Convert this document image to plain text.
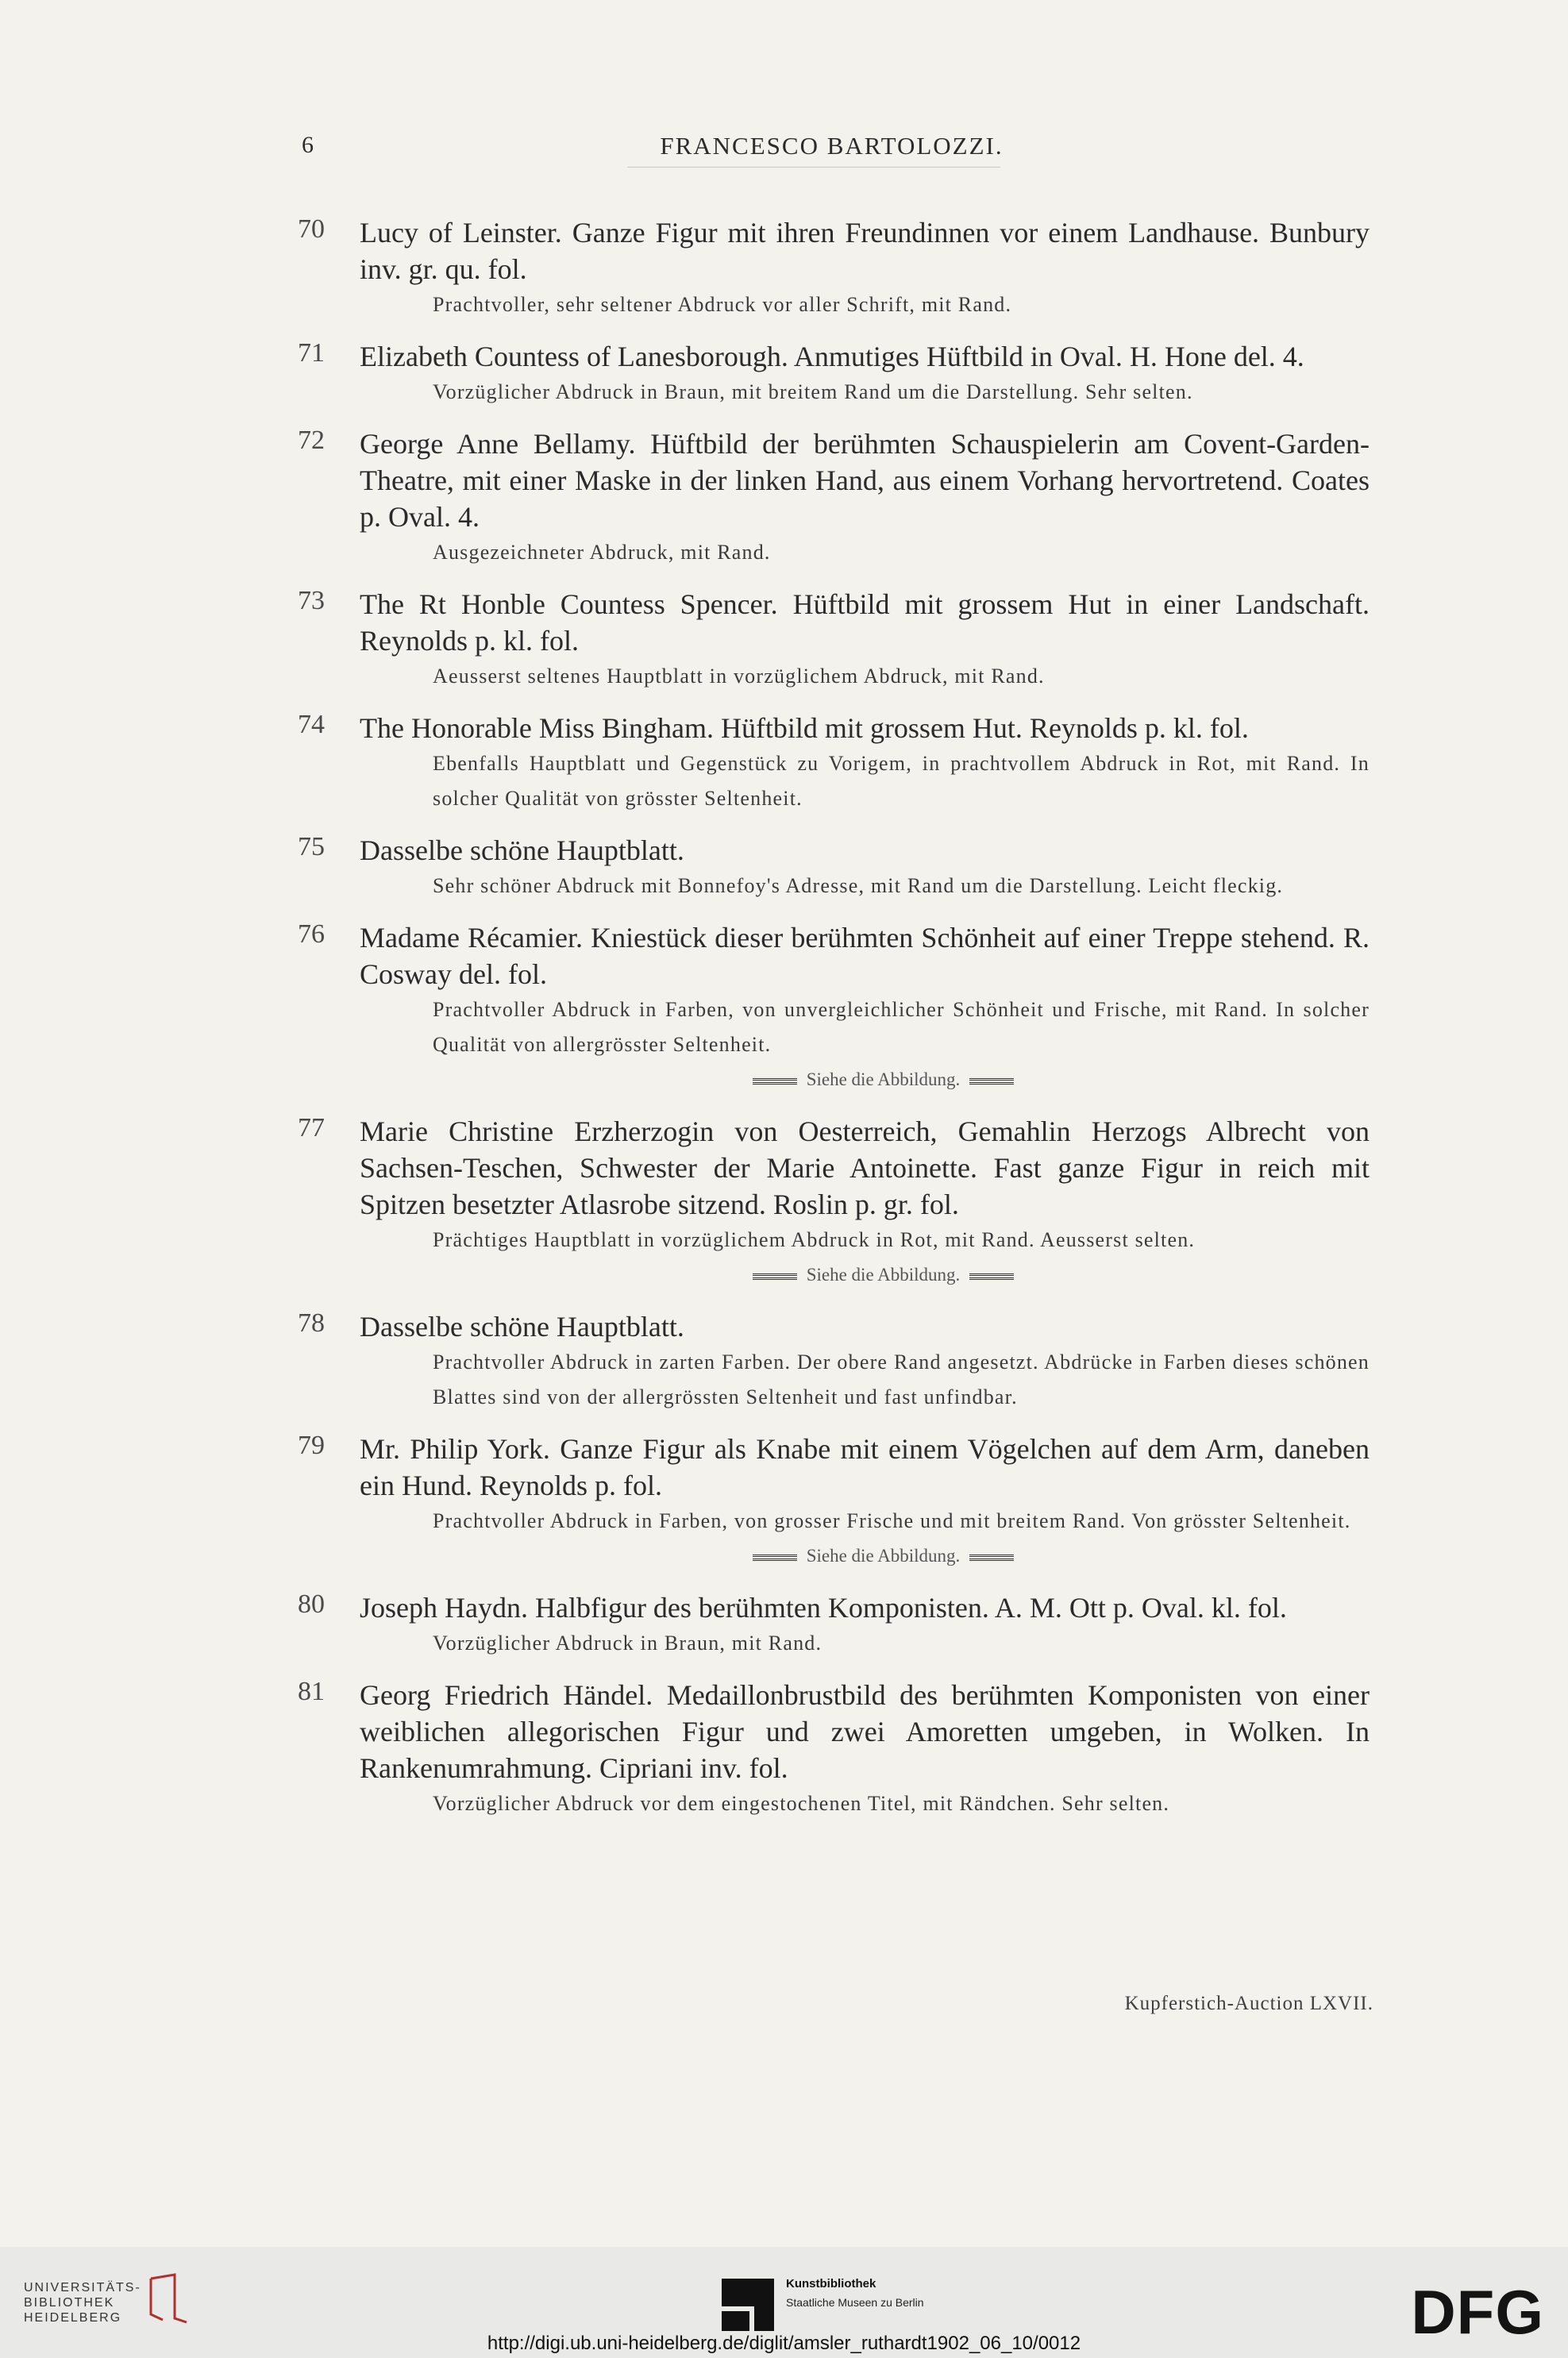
6	FRANCESCO BARTOLOZZI.
70 Lucy of Leinster. Ganze Figur mit ihren Freundinnen vor einem Landhause. Bunbury inv. gr. qu. fol.
Prachtvoller, sehr seltener Abdruck vor aller Schrift, mit Rand.
71 Elizabeth Countess of Lanesborough. Anmutiges Hüftbild in Oval. H. Hone del. 4.
Vorzüglicher Abdruck in Braun, mit breitem Rand um die Darstellung. Sehr selten.
72 George Anne Bellamy. Hüftbild der berühmten Schauspielerin am Covent-Garden-Theatre, mit einer Maske in der linken Hand, aus einem Vorhang hervortretend. Coates p. Oval. 4.
Ausgezeichneter Abdruck, mit Rand.
73 The Rt Honble Countess Spencer. Hüftbild mit grossem Hut in einer Landschaft. Reynolds p. kl. fol.
Aeusserst seltenes Hauptblatt in vorzüglichem Abdruck, mit Rand.
74 The Honorable Miss Bingham. Hüftbild mit grossem Hut. Reynolds p. kl. fol.
Ebenfalls Hauptblatt und Gegenstück zu Vorigem, in prachtvollem Abdruck in Rot, mit Rand. In solcher Qualität von grösster Seltenheit.
75 Dasselbe schöne Hauptblatt.
Sehr schöner Abdruck mit Bonnefoy's Adresse, mit Rand um die Darstellung. Leicht fleckig.
76 Madame Récamier. Kniestück dieser berühmten Schönheit auf einer Treppe stehend. R. Cosway del. fol.
Prachtvoller Abdruck in Farben, von unvergleichlicher Schönheit und Frische, mit Rand. In solcher Qualität von allergrösster Seltenheit.
Siehe die Abbildung.
77 Marie Christine Erzherzogin von Oesterreich, Gemahlin Herzogs Albrecht von Sachsen-Teschen, Schwester der Marie Antoinette. Fast ganze Figur in reich mit Spitzen besetzter Atlasrobe sitzend. Roslin p. gr. fol.
Prächtiges Hauptblatt in vorzüglichem Abdruck in Rot, mit Rand. Aeusserst selten.
Siehe die Abbildung.
78 Dasselbe schöne Hauptblatt.
Prachtvoller Abdruck in zarten Farben. Der obere Rand angesetzt. Abdrücke in Farben dieses schönen Blattes sind von der allergrössten Seltenheit und fast unfindbar.
79 Mr. Philip York. Ganze Figur als Knabe mit einem Vögelchen auf dem Arm, daneben ein Hund. Reynolds p. fol.
Prachtvoller Abdruck in Farben, von grosser Frische und mit breitem Rand. Von grösster Seltenheit.
Siehe die Abbildung.
80 Joseph Haydn. Halbfigur des berühmten Komponisten. A. M. Ott p. Oval. kl. fol.
Vorzüglicher Abdruck in Braun, mit Rand.
81 Georg Friedrich Händel. Medaillonbrustbild des berühmten Komponisten von einer weiblichen allegorischen Figur und zwei Amoretten umgeben, in Wolken. In Rankenumrahmung. Cipriani inv. fol.
Vorzüglicher Abdruck vor dem eingestochenen Titel, mit Rändchen. Sehr selten.
Kupferstich-Auction LXVII.
UNIVERSITÄTS-
BIBLIOTHEK
HEIDELBERG
Kunstbibliothek
Staatliche Museen zu Berlin	DFG
http://digi.ub.uni-heidelberg.de/diglit/amsler_ruthardt1902_06_10/0012
